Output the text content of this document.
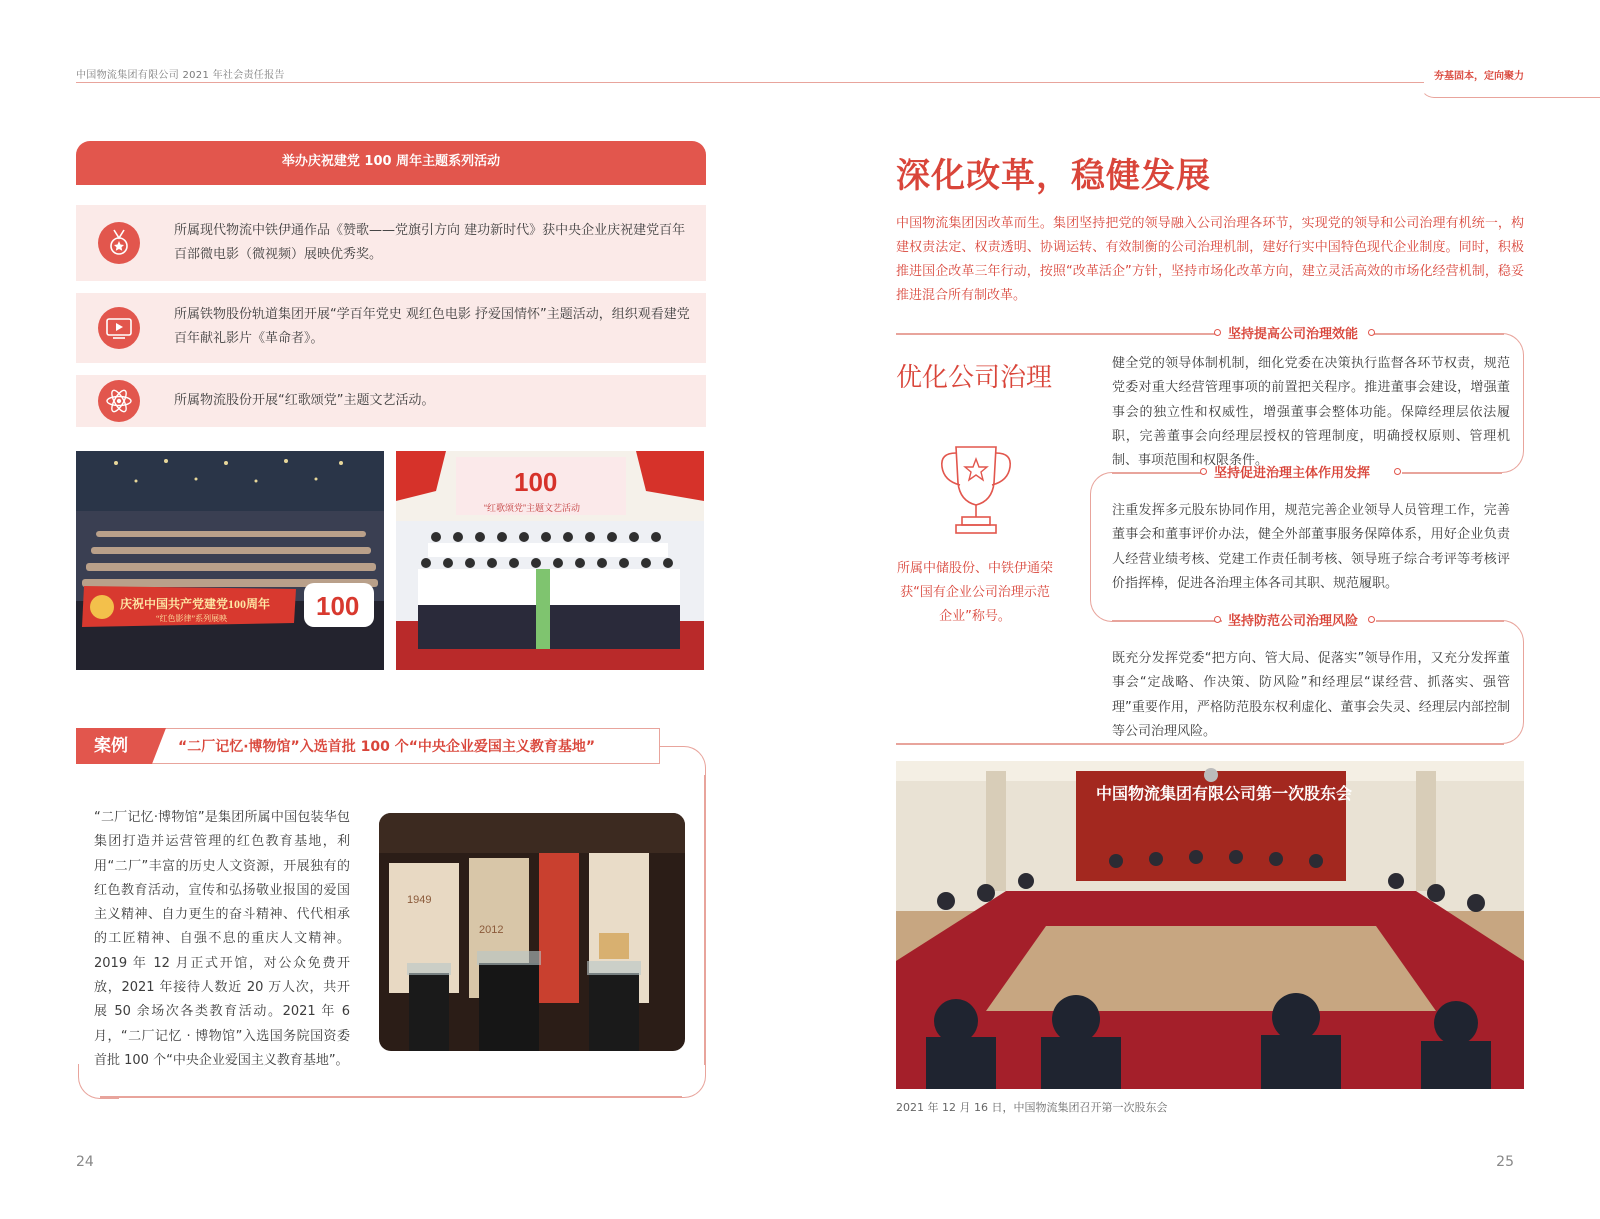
中国物流集团有限公司 2021 年社会责任报告	夯基固本，定向聚力
举办庆祝建党 100 周年主题系列活动
所属现代物流中铁伊通作品《赞歌——党旗引方向 建功新时代》获中央企业庆祝建党百年百部微电影（微视频）展映优秀奖。
所属铁物股份轨道集团开展“学百年党史 观红色电影 抒爱国情怀”主题活动，组织观看建党百年献礼影片《革命者》。
所属物流股份开展“红歌颂党”主题文艺活动。
庆祝中国共产党建党100周年
“红色影律”系列展映	100
100
“红歌颂党”主题文艺活动
案例	“二厂记忆·博物馆”入选首批 100 个“中央企业爱国主义教育基地”
“二厂记忆·博物馆”是集团所属中国包装华包集团打造并运营管理的红色教育基地，利用“二厂”丰富的历史人文资源，开展独有的红色教育活动，宣传和弘扬敬业报国的爱国主义精神、自力更生的奋斗精神、代代相承的工匠精神、自强不息的重庆人文精神。2019 年 12 月正式开馆，对公众免费开放，2021 年接待人数近 20 万人次，共开展 50 余场次各类教育活动。2021 年 6 月，“二厂记忆 · 博物馆”入选国务院国资委首批 100 个“中央企业爱国主义教育基地”。
1949
2012
24
深化改革，稳健发展
中国物流集团因改革而生。集团坚持把党的领导融入公司治理各环节，实现党的领导和公司治理有机统一，构建权责法定、权责透明、协调运转、有效制衡的公司治理机制，建好行实中国特色现代企业制度。同时，积极推进国企改革三年行动，按照“改革活企”方针，坚持市场化改革方向，建立灵活高效的市场化经营机制，稳妥推进混合所有制改革。
坚持提高公司治理效能
坚持促进治理主体作用发挥
坚持防范公司治理风险
优化公司治理
所属中储股份、中铁伊通荣获“国有企业公司治理示范企业”称号。
健全党的领导体制机制，细化党委在决策执行监督各环节权责，规范党委对重大经营管理事项的前置把关程序。推进董事会建设，增强董事会的独立性和权威性，增强董事会整体功能。保障经理层依法履职，完善董事会向经理层授权的管理制度，明确授权原则、管理机制、事项范围和权限条件。
注重发挥多元股东协同作用，规范完善企业领导人员管理工作，完善董事会和董事评价办法，健全外部董事服务保障体系，用好企业负责人经营业绩考核、党建工作责任制考核、领导班子综合考评等考核评价指挥棒，促进各治理主体各司其职、规范履职。
既充分发挥党委“把方向、管大局、促落实”领导作用，又充分发挥董事会“定战略、作决策、防风险”和经理层“谋经营、抓落实、强管理”重要作用，严格防范股东权利虚化、董事会失灵、经理层内部控制等公司治理风险。
中国物流集团有限公司第一次股东会
2021 年 12 月 16 日，中国物流集团召开第一次股东会
25
